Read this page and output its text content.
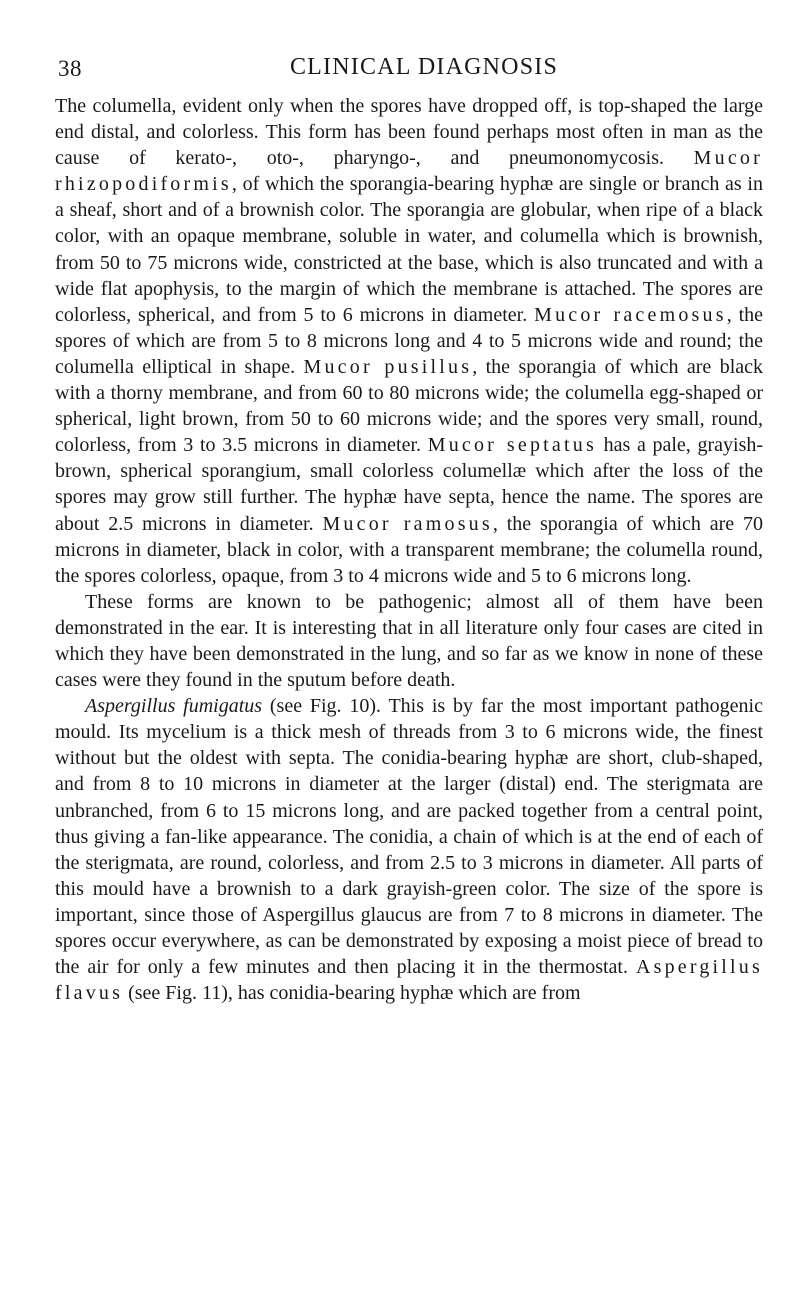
38	CLINICAL DIAGNOSIS

The columella, evident only when the spores have dropped off, is top-shaped the large end distal, and colorless. This form has been found perhaps most often in man as the cause of kerato-, oto-, pharyngo-, and pneumonomycosis. Mucor rhizopodiformis, of which the sporangia-bearing hyphæ are single or branch as in a sheaf, short and of a brownish color. The sporangia are globular, when ripe of a black color, with an opaque membrane, soluble in water, and columella which is brownish, from 50 to 75 microns wide, constricted at the base, which is also truncated and with a wide flat apophysis, to the margin of which the membrane is attached. The spores are colorless, spherical, and from 5 to 6 microns in diameter. Mucor racemosus, the spores of which are from 5 to 8 microns long and 4 to 5 microns wide and round; the columella elliptical in shape. Mucor pusillus, the sporangia of which are black with a thorny membrane, and from 60 to 80 microns wide; the columella egg-shaped or spherical, light brown, from 50 to 60 microns wide; and the spores very small, round, colorless, from 3 to 3.5 microns in diameter. Mucor septatus has a pale, grayish-brown, spherical sporangium, small colorless columellæ which after the loss of the spores may grow still further. The hyphæ have septa, hence the name. The spores are about 2.5 microns in diameter. Mucor ramosus, the sporangia of which are 70 microns in diameter, black in color, with a transparent membrane; the columella round, the spores colorless, opaque, from 3 to 4 microns wide and 5 to 6 microns long.

These forms are known to be pathogenic; almost all of them have been demonstrated in the ear. It is interesting that in all literature only four cases are cited in which they have been demonstrated in the lung, and so far as we know in none of these cases were they found in the sputum before death.

Aspergillus fumigatus (see Fig. 10). This is by far the most important pathogenic mould. Its mycelium is a thick mesh of threads from 3 to 6 microns wide, the finest without but the oldest with septa. The conidia-bearing hyphæ are short, club-shaped, and from 8 to 10 microns in diameter at the larger (distal) end. The sterigmata are unbranched, from 6 to 15 microns long, and are packed together from a central point, thus giving a fan-like appearance. The conidia, a chain of which is at the end of each of the sterigmata, are round, colorless, and from 2.5 to 3 microns in diameter. All parts of this mould have a brownish to a dark grayish-green color. The size of the spore is important, since those of Aspergillus glaucus are from 7 to 8 microns in diameter. The spores occur everywhere, as can be demonstrated by exposing a moist piece of bread to the air for only a few minutes and then placing it in the thermostat. Aspergillus flavus (see Fig. 11), has conidia-bearing hyphæ which are from
